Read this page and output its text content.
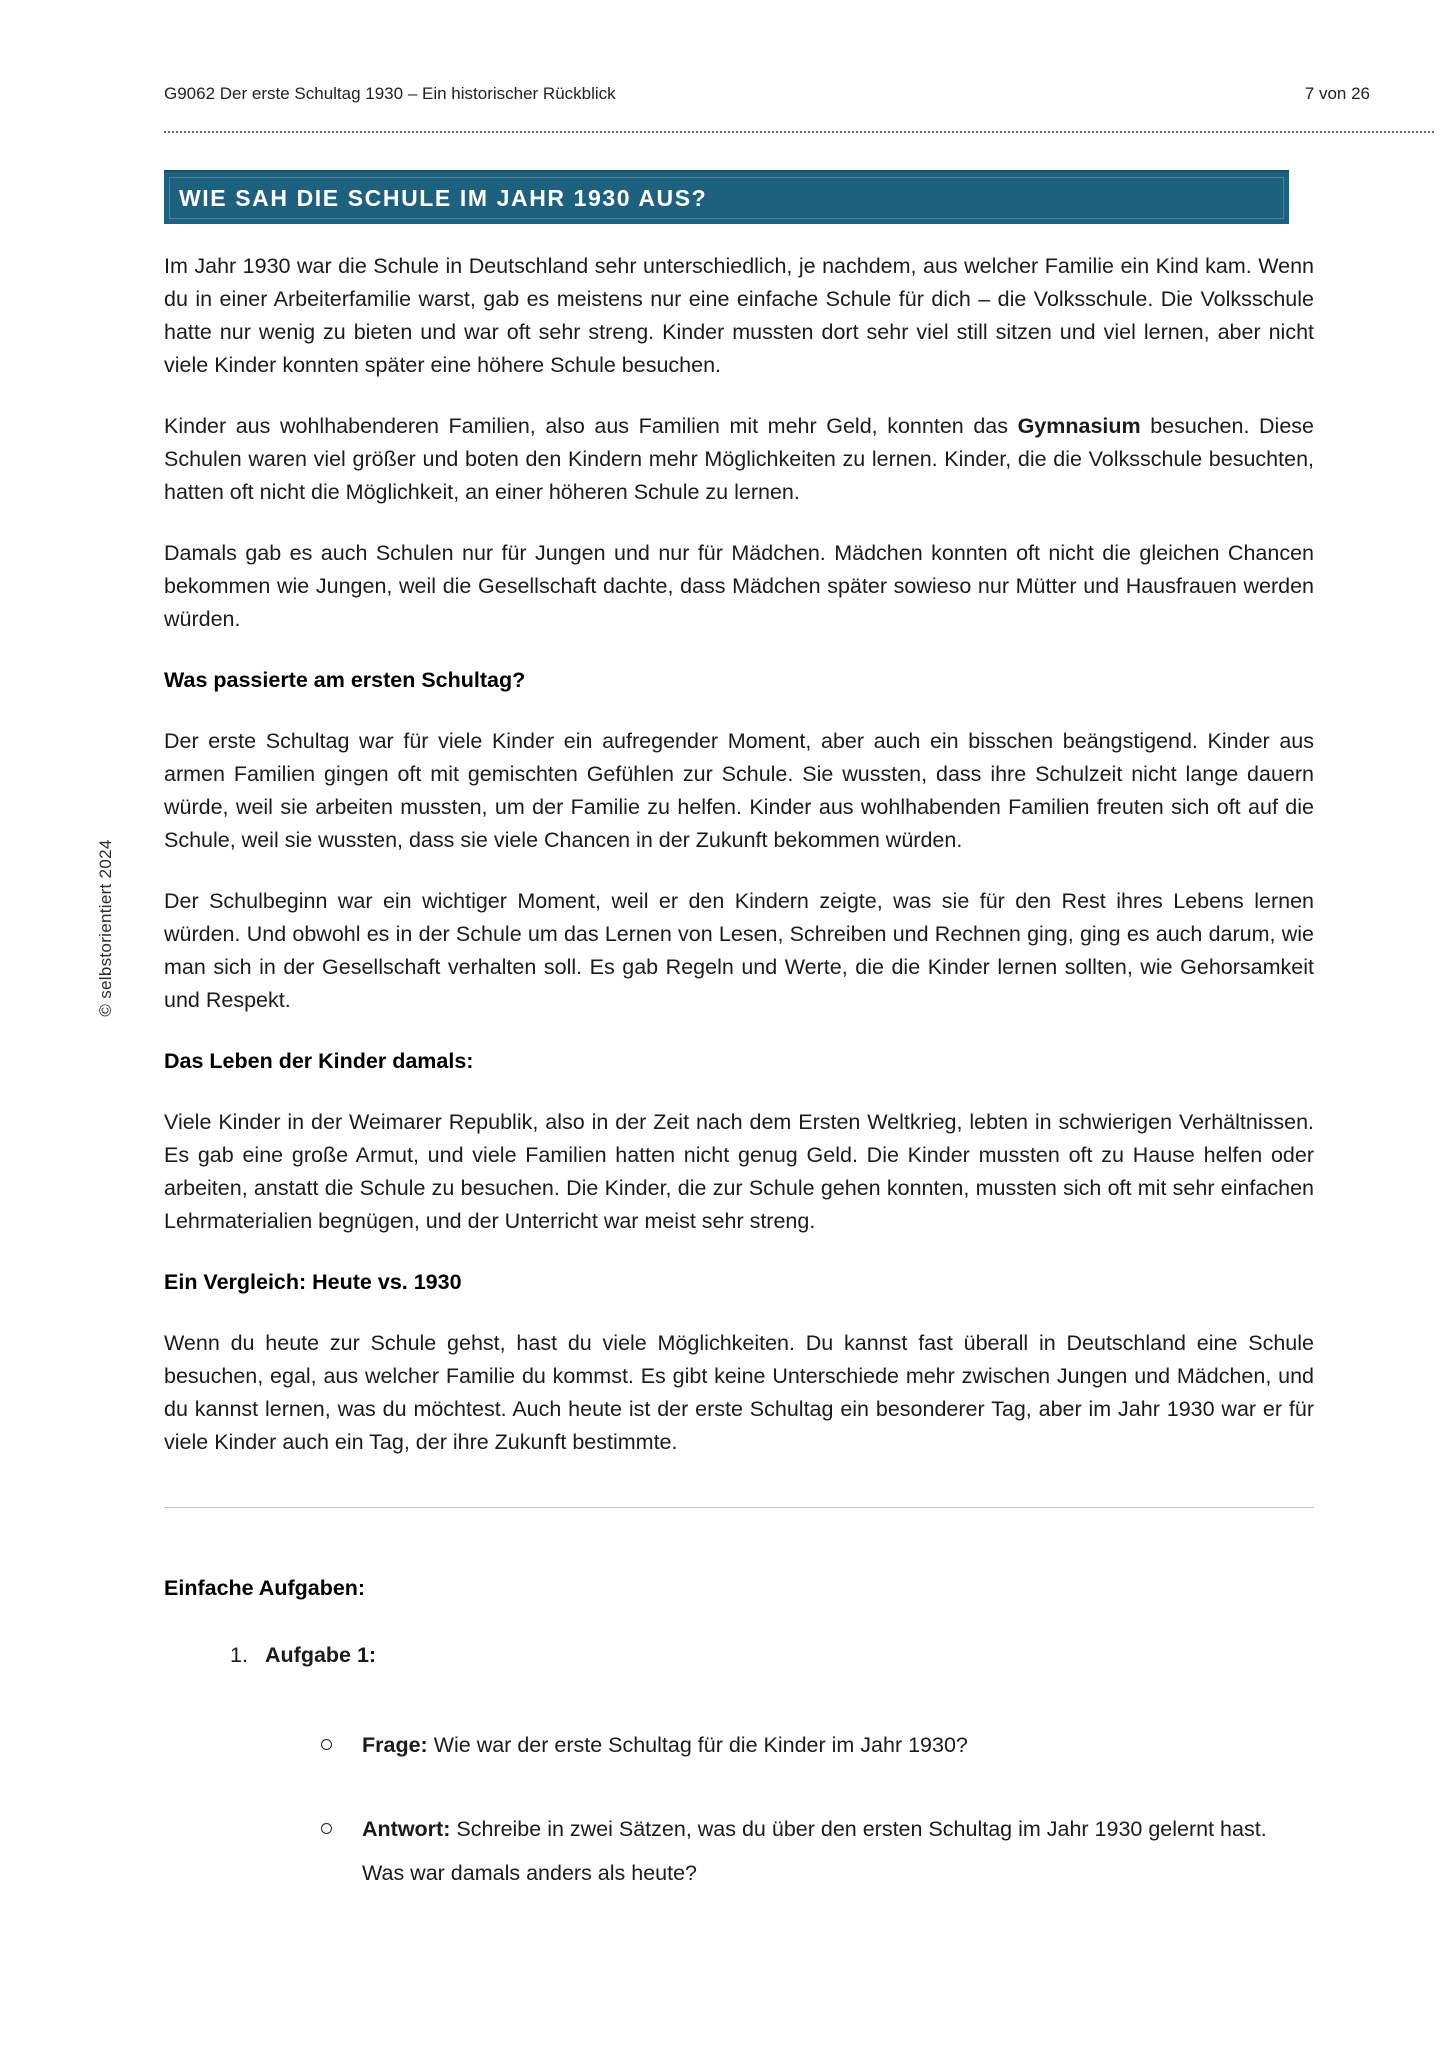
G9062 Der erste Schultag 1930 – Ein historischer Rückblick	7 von 26
© selbstorientiert 2024
WIE SAH DIE SCHULE IM JAHR 1930 AUS?

Im Jahr 1930 war die Schule in Deutschland sehr unterschiedlich, je nachdem, aus welcher Familie ein Kind kam. Wenn du in einer Arbeiterfamilie warst, gab es meistens nur eine einfache Schule für dich – die Volksschule. Die Volksschule hatte nur wenig zu bieten und war oft sehr streng. Kinder mussten dort sehr viel still sitzen und viel lernen, aber nicht viele Kinder konnten später eine höhere Schule besuchen.

Kinder aus wohlhabenderen Familien, also aus Familien mit mehr Geld, konnten das Gymnasium besuchen. Diese Schulen waren viel größer und boten den Kindern mehr Möglichkeiten zu lernen. Kinder, die die Volksschule besuchten, hatten oft nicht die Möglichkeit, an einer höheren Schule zu lernen.

Damals gab es auch Schulen nur für Jungen und nur für Mädchen. Mädchen konnten oft nicht die gleichen Chancen bekommen wie Jungen, weil die Gesellschaft dachte, dass Mädchen später sowieso nur Mütter und Hausfrauen werden würden.

Was passierte am ersten Schultag?

Der erste Schultag war für viele Kinder ein aufregender Moment, aber auch ein bisschen beängstigend. Kinder aus armen Familien gingen oft mit gemischten Gefühlen zur Schule. Sie wussten, dass ihre Schulzeit nicht lange dauern würde, weil sie arbeiten mussten, um der Familie zu helfen. Kinder aus wohlhabenden Familien freuten sich oft auf die Schule, weil sie wussten, dass sie viele Chancen in der Zukunft bekommen würden.

Der Schulbeginn war ein wichtiger Moment, weil er den Kindern zeigte, was sie für den Rest ihres Lebens lernen würden. Und obwohl es in der Schule um das Lernen von Lesen, Schreiben und Rechnen ging, ging es auch darum, wie man sich in der Gesellschaft verhalten soll. Es gab Regeln und Werte, die die Kinder lernen sollten, wie Gehorsamkeit und Respekt.

Das Leben der Kinder damals:

Viele Kinder in der Weimarer Republik, also in der Zeit nach dem Ersten Weltkrieg, lebten in schwierigen Verhältnissen. Es gab eine große Armut, und viele Familien hatten nicht genug Geld. Die Kinder mussten oft zu Hause helfen oder arbeiten, anstatt die Schule zu besuchen. Die Kinder, die zur Schule gehen konnten, mussten sich oft mit sehr einfachen Lehrmaterialien begnügen, und der Unterricht war meist sehr streng.

Ein Vergleich: Heute vs. 1930

Wenn du heute zur Schule gehst, hast du viele Möglichkeiten. Du kannst fast überall in Deutschland eine Schule besuchen, egal, aus welcher Familie du kommst. Es gibt keine Unterschiede mehr zwischen Jungen und Mädchen, und du kannst lernen, was du möchtest. Auch heute ist der erste Schultag ein besonderer Tag, aber im Jahr 1930 war er für viele Kinder auch ein Tag, der ihre Zukunft bestimmte.

Einfache Aufgaben:
1. Aufgabe 1:
Frage: Wie war der erste Schultag für die Kinder im Jahr 1930?
Antwort: Schreibe in zwei Sätzen, was du über den ersten Schultag im Jahr 1930 gelernt hast. Was war damals anders als heute?
